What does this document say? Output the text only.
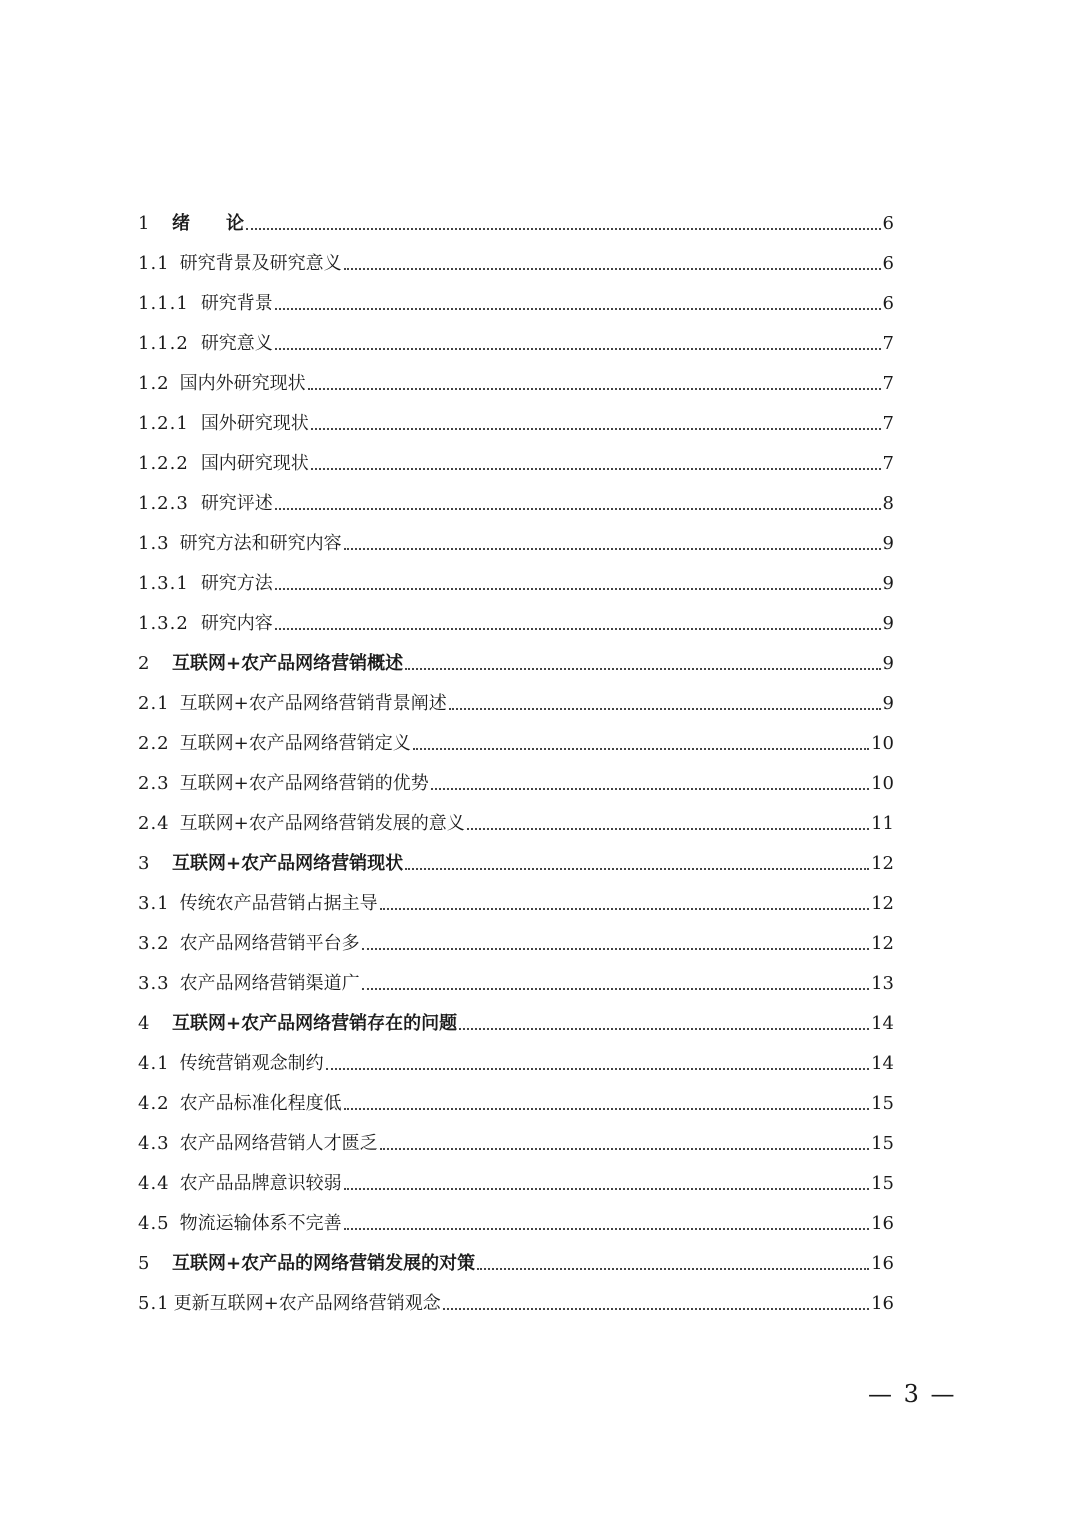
1	绪　　论	6
1.1 研究背景及研究意义	6
1.1.1 研究背景	6
1.1.2 研究意义	7
1.2 国内外研究现状	7
1.2.1 国外研究现状	7
1.2.2 国内研究现状	7
1.2.3 研究评述	8
1.3 研究方法和研究内容	9
1.3.1 研究方法	9
1.3.2 研究内容	9
2	互联网+农产品网络营销概述	9
2.1 互联网+农产品网络营销背景阐述	9
2.2 互联网+农产品网络营销定义	10
2.3 互联网+农产品网络营销的优势	10
2.4 互联网+农产品网络营销发展的意义	11
3	互联网+农产品网络营销现状	12
3.1 传统农产品营销占据主导	12
3.2 农产品网络营销平台多	12
3.3 农产品网络营销渠道广	13
4	互联网+农产品网络营销存在的问题	14
4.1 传统营销观念制约	14
4.2 农产品标准化程度低	15
4.3 农产品网络营销人才匮乏	15
4.4 农产品品牌意识较弱	15
4.5 物流运输体系不完善	16
5	互联网+农产品的网络营销发展的对策	16
5.1 更新互联网+农产品网络营销观念	16
— 3 —
